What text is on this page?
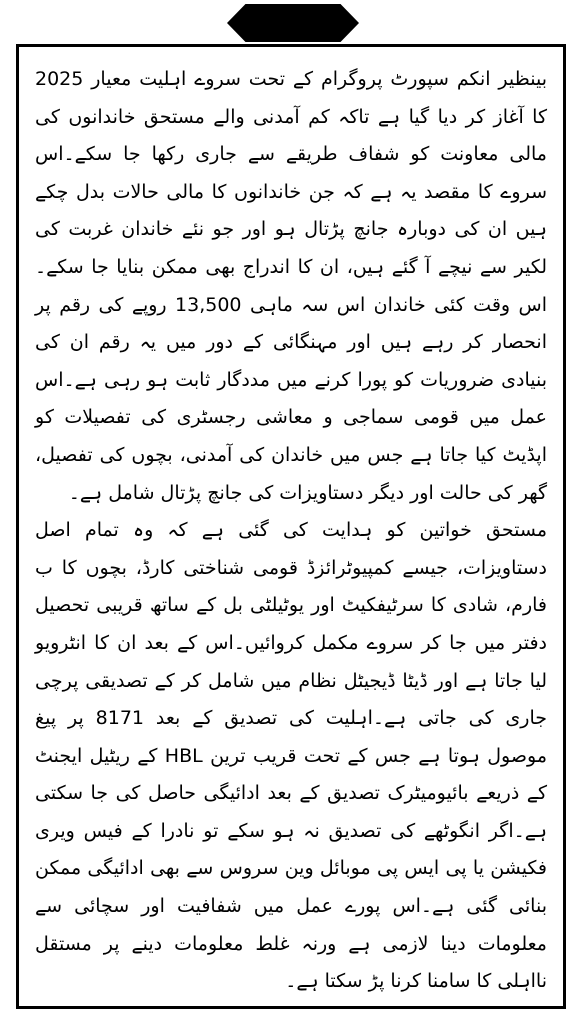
بینظیر انکم سپورٹ پروگرام کے تحت سروے اہلیت معیار 2025 کا آغاز کر دیا گیا ہے تاکہ کم آمدنی والے مستحق خاندانوں کی مالی معاونت کو شفاف طریقے سے جاری رکھا جا سکے۔اس سروے کا مقصد یہ ہے کہ جن خاندانوں کا مالی حالات بدل چکے ہیں ان کی دوبارہ جانچ پڑتال ہو اور جو نئے خاندان غربت کی لکیر سے نیچے آ گئے ہیں، ان کا اندراج بھی ممکن بنایا جا سکے۔اس وقت کئی خاندان اس سہ ماہی 13,500 روپے کی رقم پر انحصار کر رہے ہیں اور مہنگائی کے دور میں یہ رقم ان کی بنیادی ضروریات کو پورا کرنے میں مددگار ثابت ہو رہی ہے۔اس عمل میں قومی سماجی و معاشی رجسٹری کی تفصیلات کو اپڈیٹ کیا جاتا ہے جس میں خاندان کی آمدنی، بچوں کی تفصیل، گھر کی حالت اور دیگر دستاویزات کی جانچ پڑتال شامل ہے۔

مستحق خواتین کو ہدایت کی گئی ہے کہ وہ تمام اصل دستاویزات، جیسے کمپیوٹرائزڈ قومی شناختی کارڈ، بچوں کا ب فارم، شادی کا سرٹیفکیٹ اور یوٹیلٹی بل کے ساتھ قریبی تحصیل دفتر میں جا کر سروے مکمل کروائیں۔اس کے بعد ان کا انٹرویو لیا جاتا ہے اور ڈیٹا ڈیجیٹل نظام میں شامل کر کے تصدیقی پرچی جاری کی جاتی ہے۔اہلیت کی تصدیق کے بعد 8171 پر پیغ موصول ہوتا ہے جس کے تحت قریب ترین HBL کے ریٹیل ایجنٹ کے ذریعے بائیومیٹرک تصدیق کے بعد ادائیگی حاصل کی جا سکتی ہے۔اگر انگوٹھے کی تصدیق نہ ہو سکے تو نادرا کے فیس ویری فکیشن یا پی ایس پی موبائل وین سروس سے بھی ادائیگی ممکن بنائی گئی ہے۔اس پورے عمل میں شفافیت اور سچائی سے معلومات دینا لازمی ہے ورنہ غلط معلومات دینے پر مستقل نااہلی کا سامنا کرنا پڑ سکتا ہے۔
